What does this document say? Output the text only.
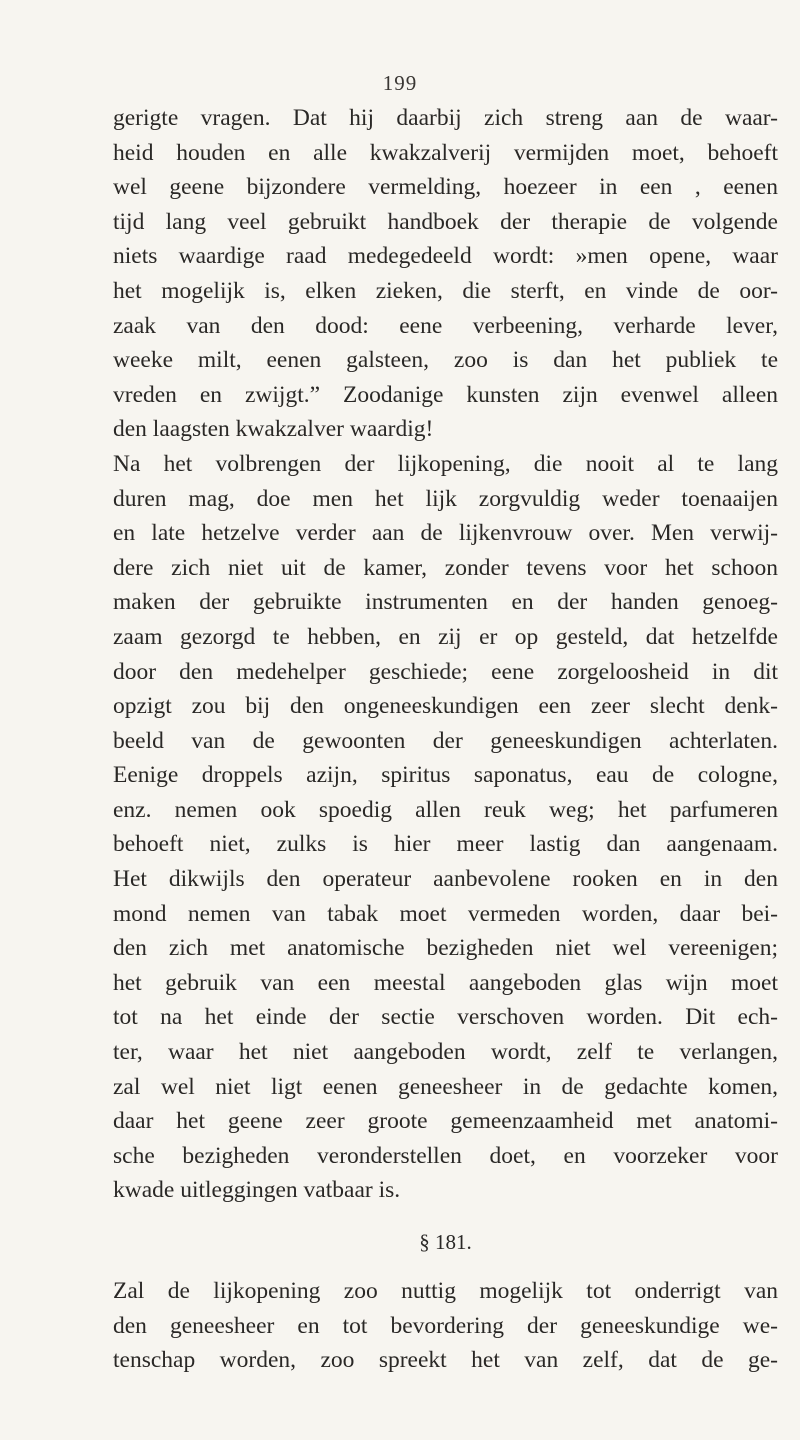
199
gerigte vragen. Dat hij daarbij zich streng aan de waar-
heid houden en alle kwakzalverij vermijden moet, behoeft
wel geene bijzondere vermelding, hoezeer in een , eenen
tijd lang veel gebruikt handboek der therapie de volgende
niets waardige raad medegedeeld wordt: »men opene, waar
het mogelijk is, elken zieken, die sterft, en vinde de oor-
zaak van den dood: eene verbeening, verharde lever,
weeke milt, eenen galsteen, zoo is dan het publiek te
vreden en zwijgt.” Zoodanige kunsten zijn evenwel alleen
den laagsten kwakzalver waardig!
Na het volbrengen der lijkopening, die nooit al te lang
duren mag, doe men het lijk zorgvuldig weder toenaaijen
en late hetzelve verder aan de lijkenvrouw over. Men verwij-
dere zich niet uit de kamer, zonder tevens voor het schoon
maken der gebruikte instrumenten en der handen genoeg-
zaam gezorgd te hebben, en zij er op gesteld, dat hetzelfde
door den medehelper geschiede; eene zorgeloosheid in dit
opzigt zou bij den ongeneeskundigen een zeer slecht denk-
beeld van de gewoonten der geneeskundigen achterlaten.
Eenige droppels azijn, spiritus saponatus, eau de cologne,
enz. nemen ook spoedig allen reuk weg; het parfumeren
behoeft niet, zulks is hier meer lastig dan aangenaam.
Het dikwijls den operateur aanbevolene rooken en in den
mond nemen van tabak moet vermeden worden, daar bei-
den zich met anatomische bezigheden niet wel vereenigen;
het gebruik van een meestal aangeboden glas wijn moet
tot na het einde der sectie verschoven worden. Dit ech-
ter, waar het niet aangeboden wordt, zelf te verlangen,
zal wel niet ligt eenen geneesheer in de gedachte komen,
daar het geene zeer groote gemeenzaamheid met anatomi-
sche bezigheden veronderstellen doet, en voorzeker voor
kwade uitleggingen vatbaar is.
§ 181.
Zal de lijkopening zoo nuttig mogelijk tot onderrigt van
den geneesheer en tot bevordering der geneeskundige we-
tenschap worden, zoo spreekt het van zelf, dat de ge-
